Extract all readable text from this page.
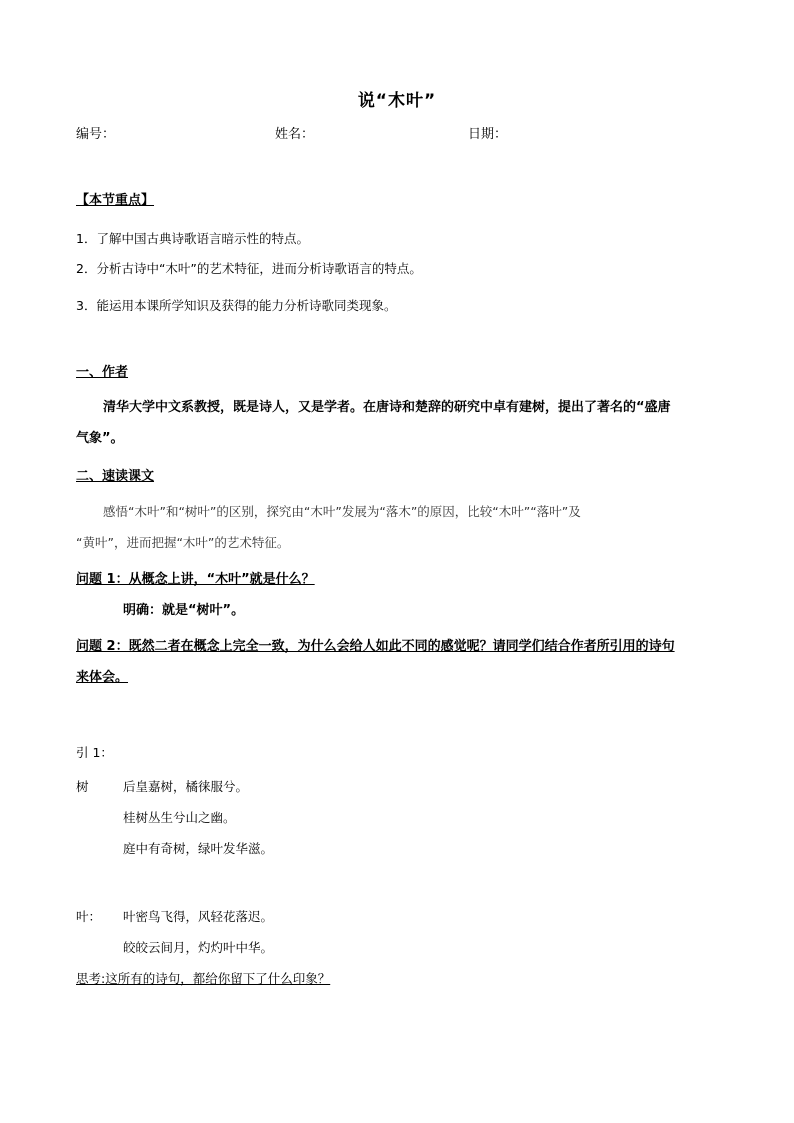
说“木叶”
编号：	姓名：	日期：
【本节重点】
1．了解中国古典诗歌语言暗示性的特点。
2．分析古诗中“木叶”的艺术特征，进而分析诗歌语言的特点。
3．能运用本课所学知识及获得的能力分析诗歌同类现象。
一、作者
清华大学中文系教授，既是诗人，又是学者。在唐诗和楚辞的研究中卓有建树，提出了著名的“盛唐
气象”。
二、速读课文
感悟“木叶”和“树叶”的区别，探究由“木叶”发展为“落木”的原因，比较“木叶”“落叶”及
“黄叶”，进而把握“木叶”的艺术特征。
问题 1：从概念上讲，“木叶”就是什么？
明确：就是“树叶”。
问题 2：既然二者在概念上完全一致，为什么会给人如此不同的感觉呢？请同学们结合作者所引用的诗句
来体会。
引 1：
树	后皇嘉树，橘徕服兮。
桂树丛生兮山之幽。
庭中有奇树，绿叶发华滋。
叶： 叶密鸟飞得，风轻花落迟。
皎皎云间月，灼灼叶中华。
思考:这所有的诗句，都给你留下了什么印象？
